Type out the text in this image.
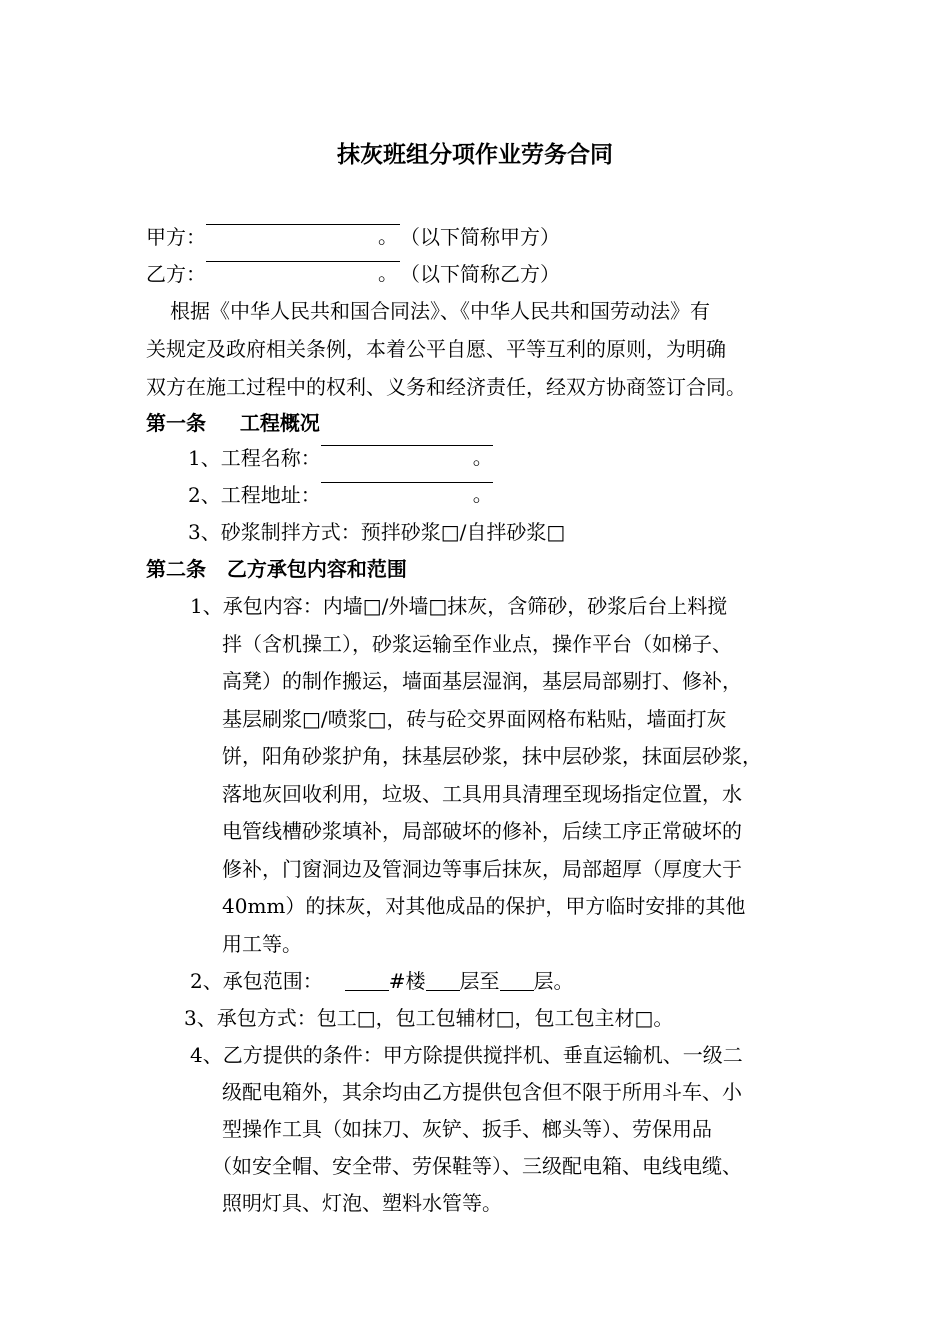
抹灰班组分项作业劳务合同
甲方：	。 （以下简称甲方）
乙方：	。 （以下简称乙方）
根据《中华人民共和国合同法》、《中华人民共和国劳动法》有
关规定及政府相关条例，本着公平自愿、平等互利的原则，为明确
双方在施工过程中的权利、义务和经济责任，经双方协商签订合同。
第一条　  工程概况
1、工程名称：	。
2、工程地址：	。
3、砂浆制拌方式：预拌砂浆□/自拌砂浆□
第二条   乙方承包内容和范围
1、承包内容：内墙□/外墙□抹灰，含筛砂，砂浆后台上料搅
拌（含机操工），砂浆运输至作业点，操作平台（如梯子、
高凳）的制作搬运，墙面基层湿润，基层局部剔打、修补，
基层刷浆□/喷浆□，砖与砼交界面网格布粘贴，墙面打灰
饼，阳角砂浆护角，抹基层砂浆，抹中层砂浆，抹面层砂浆，
落地灰回收利用，垃圾、工具用具清理至现场指定位置，水
电管线槽砂浆填补，局部破坏的修补，后续工序正常破坏的
修补，门窗洞边及管洞边等事后抹灰，局部超厚（厚度大于
40mm）的抹灰，对其他成品的保护，甲方临时安排的其他
用工等。
2、承包范围：	#楼 层至 层。
3、承包方式：包工□，包工包辅材□，包工包主材□。
4、乙方提供的条件：甲方除提供搅拌机、垂直运输机、一级二
级配电箱外，其余均由乙方提供包含但不限于所用斗车、小
型操作工具（如抹刀、灰铲、扳手、榔头等）、劳保用品
（如安全帽、安全带、劳保鞋等）、三级配电箱、电线电缆、
照明灯具、灯泡、塑料水管等。
